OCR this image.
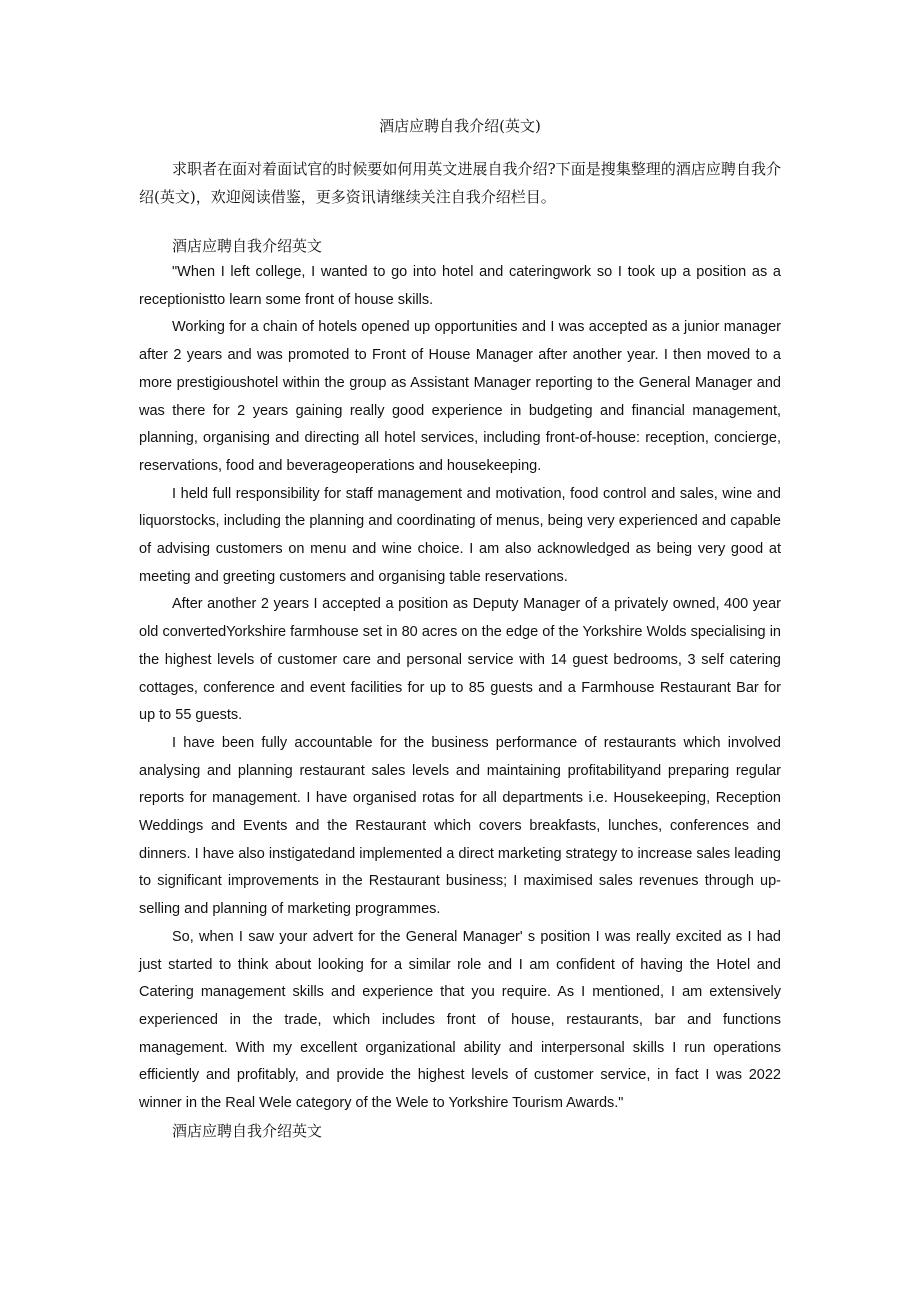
酒店应聘自我介绍(英文)

求职者在面对着面试官的时候要如何用英文进展自我介绍?下面是搜集整理的酒店应聘自我介绍(英文)，欢迎阅读借鉴，更多资讯请继续关注自我介绍栏目。

酒店应聘自我介绍英文

"When I left college, I wanted to go into hotel and cateringwork so I took up a position as a receptionistto learn some front of house skills.

Working for a chain of hotels opened up opportunities and I was accepted as a junior manager after 2 years and was promoted to Front of House Manager after another year. I then moved to a more prestigioushotel within the group as Assistant Manager reporting to the General Manager and was there for 2 years gaining really good experience in budgeting and financial management, planning, organising and directing all hotel services, including front-of-house: reception, concierge, reservations, food and beverageoperations and housekeeping.

I held full responsibility for staff management and motivation, food control and sales, wine and liquorstocks, including the planning and coordinating of menus, being very experienced and capable of advising customers on menu and wine choice. I am also acknowledged as being very good at meeting and greeting customers and organising table reservations.

After another 2 years I accepted a position as Deputy Manager of a privately owned, 400 year old convertedYorkshire farmhouse set in 80 acres on the edge of the Yorkshire Wolds specialising in the highest levels of customer care and personal service with 14 guest bedrooms, 3 self catering cottages, conference and event facilities for up to 85 guests and a Farmhouse Restaurant Bar for up to 55 guests.

I have been fully accountable for the business performance of restaurants which involved analysing and planning restaurant sales levels and maintaining profitabilityand preparing regular reports for management. I have organised rotas for all departments i.e. Housekeeping, Reception Weddings and Events and the Restaurant which covers breakfasts, lunches, conferences and dinners. I have also instigatedand implemented a direct marketing strategy to increase sales leading to significant improvements in the Restaurant business; I maximised sales revenues through up-selling and planning of marketing programmes.

So, when I saw your advert for the General Manager' s position I was really excited as I had just started to think about looking for a similar role and I am confident of having the Hotel and Catering management skills and experience that you require. As I mentioned, I am extensively experienced in the trade, which includes front of house, restaurants, bar and functions management. With my excellent organizational ability and interpersonal skills I run operations efficiently and profitably, and provide the highest levels of customer service, in fact I was 2022 winner in the Real Wele category of the Wele to Yorkshire Tourism Awards."

酒店应聘自我介绍英文
